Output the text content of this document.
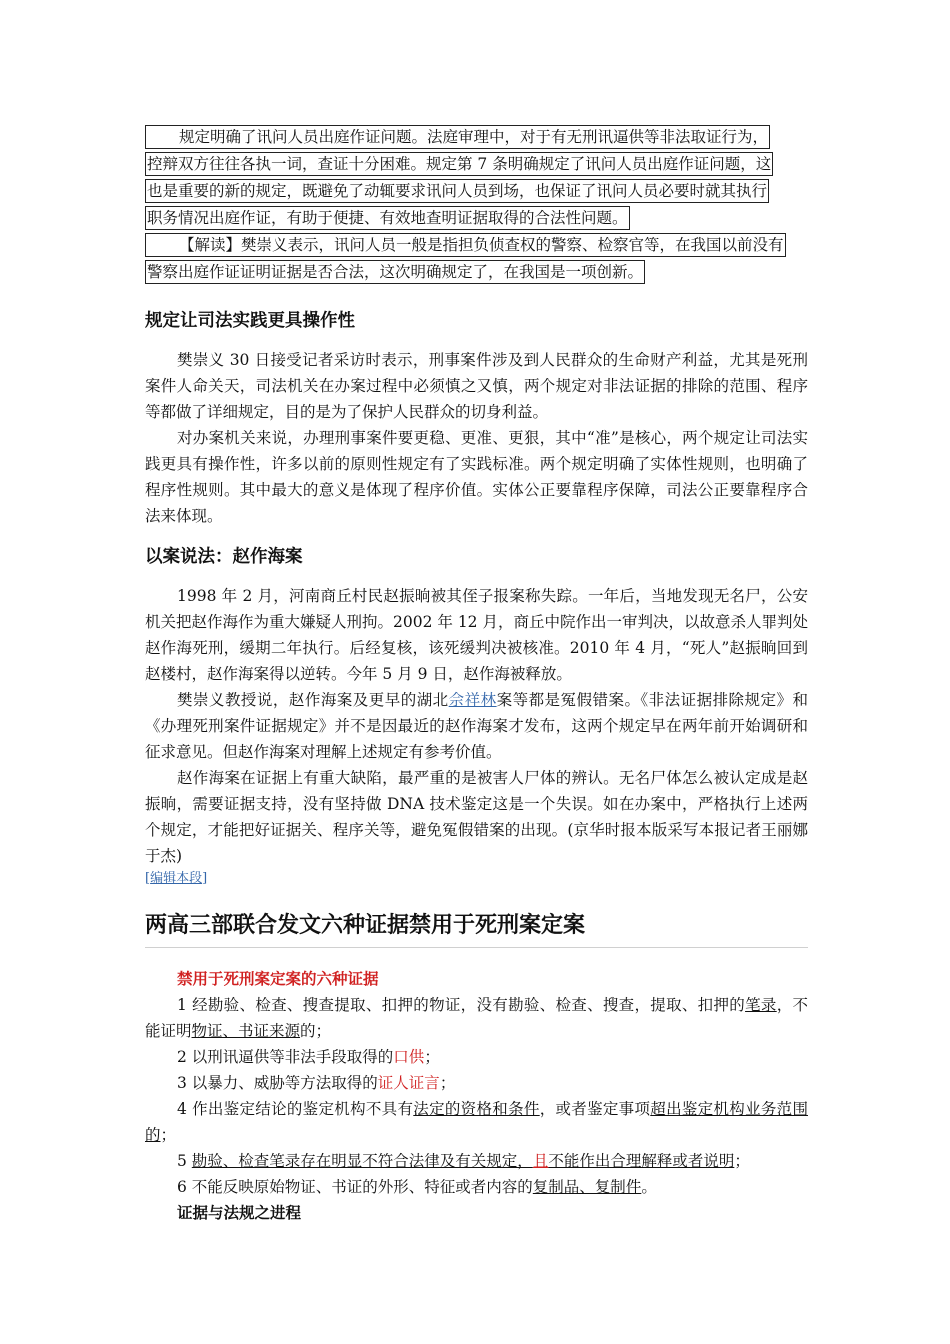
规定明确了讯问人员出庭作证问题。法庭审理中，对于有无刑讯逼供等非法取证行为，
控辩双方往往各执一词，查证十分困难。规定第 7 条明确规定了讯问人员出庭作证问题，这
也是重要的新的规定，既避免了动辄要求讯问人员到场，也保证了讯问人员必要时就其执行
职务情况出庭作证，有助于便捷、有效地查明证据取得的合法性问题。
【解读】樊崇义表示，讯问人员一般是指担负侦查权的警察、检察官等，在我国以前没有
警察出庭作证证明证据是否合法，这次明确规定了，在我国是一项创新。
规定让司法实践更具操作性

樊崇义 30 日接受记者采访时表示，刑事案件涉及到人民群众的生命财产利益，尤其是死刑案件人命关天，司法机关在办案过程中必须慎之又慎，两个规定对非法证据的排除的范围、程序等都做了详细规定，目的是为了保护人民群众的切身利益。

对办案机关来说，办理刑事案件要更稳、更准、更狠，其中“准”是核心，两个规定让司法实践更具有操作性，许多以前的原则性规定有了实践标准。两个规定明确了实体性规则，也明确了程序性规则。其中最大的意义是体现了程序价值。实体公正要靠程序保障，司法公正要靠程序合法来体现。

以案说法：赵作海案

1998 年 2 月，河南商丘村民赵振晌被其侄子报案称失踪。一年后，当地发现无名尸，公安机关把赵作海作为重大嫌疑人刑拘。2002 年 12 月，商丘中院作出一审判决，以故意杀人罪判处赵作海死刑，缓期二年执行。后经复核，该死缓判决被核准。2010 年 4 月，“死人”赵振晌回到赵楼村，赵作海案得以逆转。今年 5 月 9 日，赵作海被释放。

樊崇义教授说，赵作海案及更早的湖北佘祥林案等都是冤假错案。《非法证据排除规定》和《办理死刑案件证据规定》并不是因最近的赵作海案才发布，这两个规定早在两年前开始调研和征求意见。但赵作海案对理解上述规定有参考价值。

赵作海案在证据上有重大缺陷，最严重的是被害人尸体的辨认。无名尸体怎么被认定成是赵振晌，需要证据支持，没有坚持做 DNA 技术鉴定这是一个失误。如在办案中，严格执行上述两个规定，才能把好证据关、程序关等，避免冤假错案的出现。(京华时报本版采写本报记者王丽娜于杰)

[编辑本段]
两高三部联合发文六种证据禁用于死刑案定案
禁用于死刑案定案的六种证据

1 经勘验、检查、搜查提取、扣押的物证，没有勘验、检查、搜查，提取、扣押的笔录，不能证明物证、书证来源的；

2 以刑讯逼供等非法手段取得的口供；

3 以暴力、威胁等方法取得的证人证言；

4 作出鉴定结论的鉴定机构不具有法定的资格和条件，或者鉴定事项超出鉴定机构业务范围的；

5 勘验、检查笔录存在明显不符合法律及有关规定，且不能作出合理解释或者说明；

6 不能反映原始物证、书证的外形、特征或者内容的复制品、复制件。

证据与法规之进程
